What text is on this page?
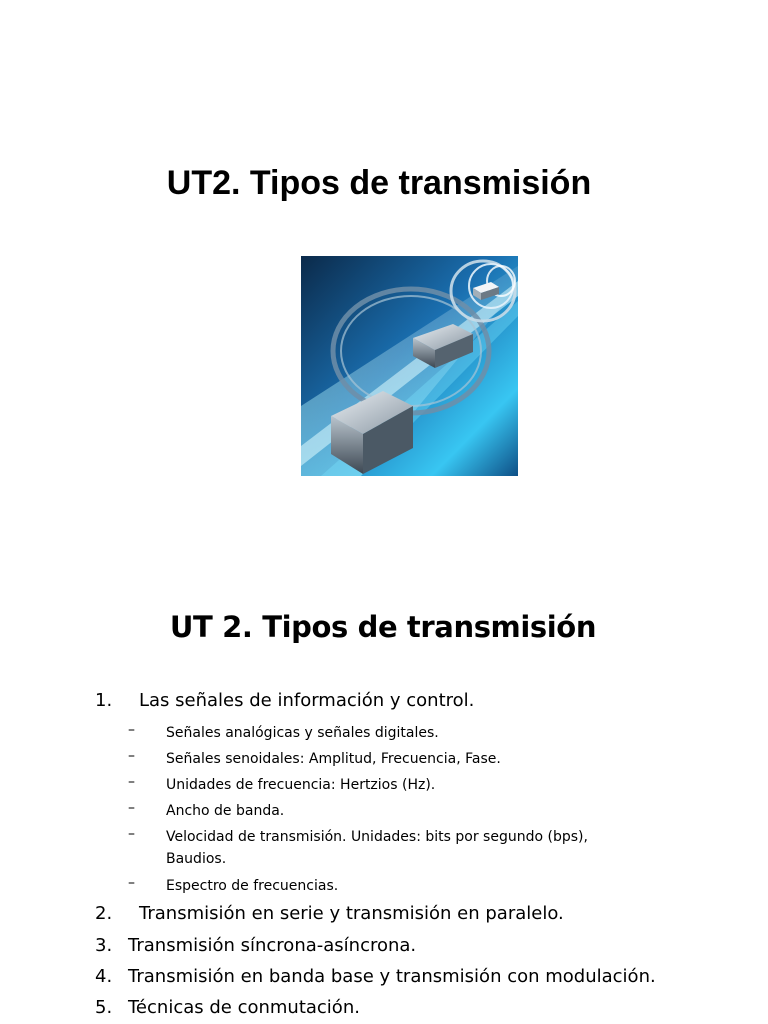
UT2. Tipos de transmisión
UT 2. Tipos de transmisión
1. Las señales de información y control.
– Señales analógicas y señales digitales.
– Señales senoidales: Amplitud, Frecuencia, Fase.
– Unidades de frecuencia: Hertzios (Hz).
– Ancho de banda.
– Velocidad de transmisión. Unidades: bits por segundo (bps), Baudios.
– Espectro de frecuencias.
2. Transmisión en serie y transmisión en paralelo.
3. Transmisión síncrona-asíncrona.
4. Transmisión en banda base y transmisión con modulación.
5. Técnicas de conmutación.
